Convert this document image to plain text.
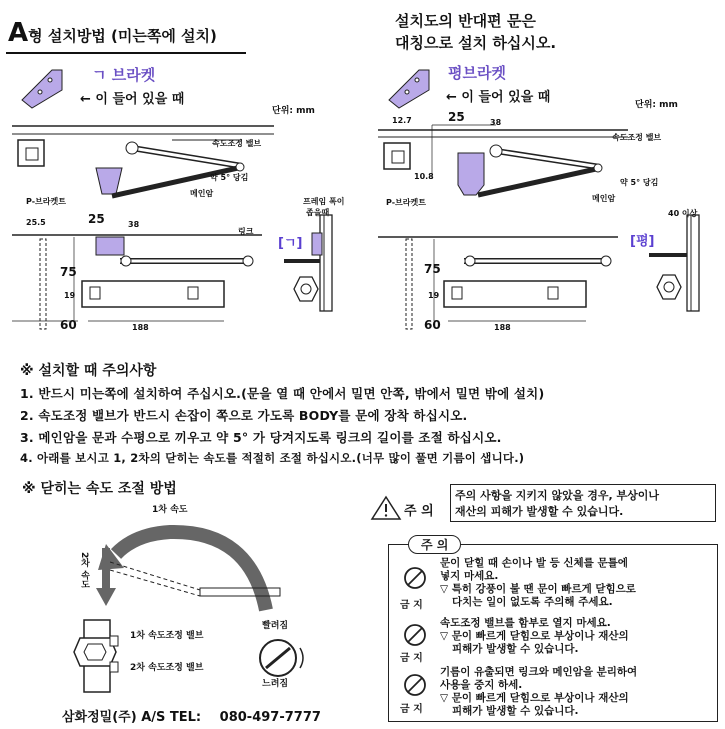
A형 설치방법 (미는쪽에 설치)
설치도의 반대편 문은
대칭으로 설치 하십시오.
ㄱ 브라켓
← 이 들어 있을 때
단위: mm
평브라켓
← 이 들어 있을 때	단위: mm
속도조정 밸브
약 5° 당김
메인암
P-브라켓트
링크
프레임 폭이
좁을때
25.5	25	38
75
19
60	188
[ㄱ]
12.7	25	38
10.8
속도조정 밸브
약 5° 당김
메인암
P-브라켓트
40 이상
75
19
60	188
[평]
※ 설치할 때 주의사항
1. 반드시 미는쪽에 설치하여 주십시오.(문을 열 때 안에서 밀면 안쪽, 밖에서 밀면 밖에 설치)
2. 속도조정 밸브가 반드시 손잡이 쪽으로 가도록 BODY를 문에 장착 하십시오.
3. 메인암을 문과 수평으로 끼우고 약 5° 가 당겨지도록 링크의 길이를 조절 하십시오.
4. 아래를 보시고 1, 2차의 닫히는 속도를 적절히 조절 하십시오.(너무 많이 풀면 기름이 샙니다.)
※ 닫히는 속도 조절 방법
1차 속도
2차 속도
1차 속도조정 밸브
2차 속도조정 밸브
빨려짐
느려짐
주 의
주의 사항을 지키지 않았을 경우, 부상이나
재산의 피해가 발생할 수 있습니다.
주 의
금 지
문이 닫힐 때 손이나 발 등 신체를 문틀에
넣지 마세요.
▽ 특히 강풍이 불 땐 문이 빠르게 닫힘으로
다치는 일이 없도록 주의해 주세요.
금 지
속도조정 밸브를 함부로 열지 마세요.
▽ 문이 빠르게 닫힘으로 부상이나 재산의
피해가 발생할 수 있습니다.
금 지
기름이 유출되면 링크와 메인암을 분리하여
사용을 중지 하세.
▽ 문이 빠르게 닫힘으로 부상이나 재산의
피해가 발생할 수 있습니다.
삼화정밀(주) A/S TEL: 080-497-7777
